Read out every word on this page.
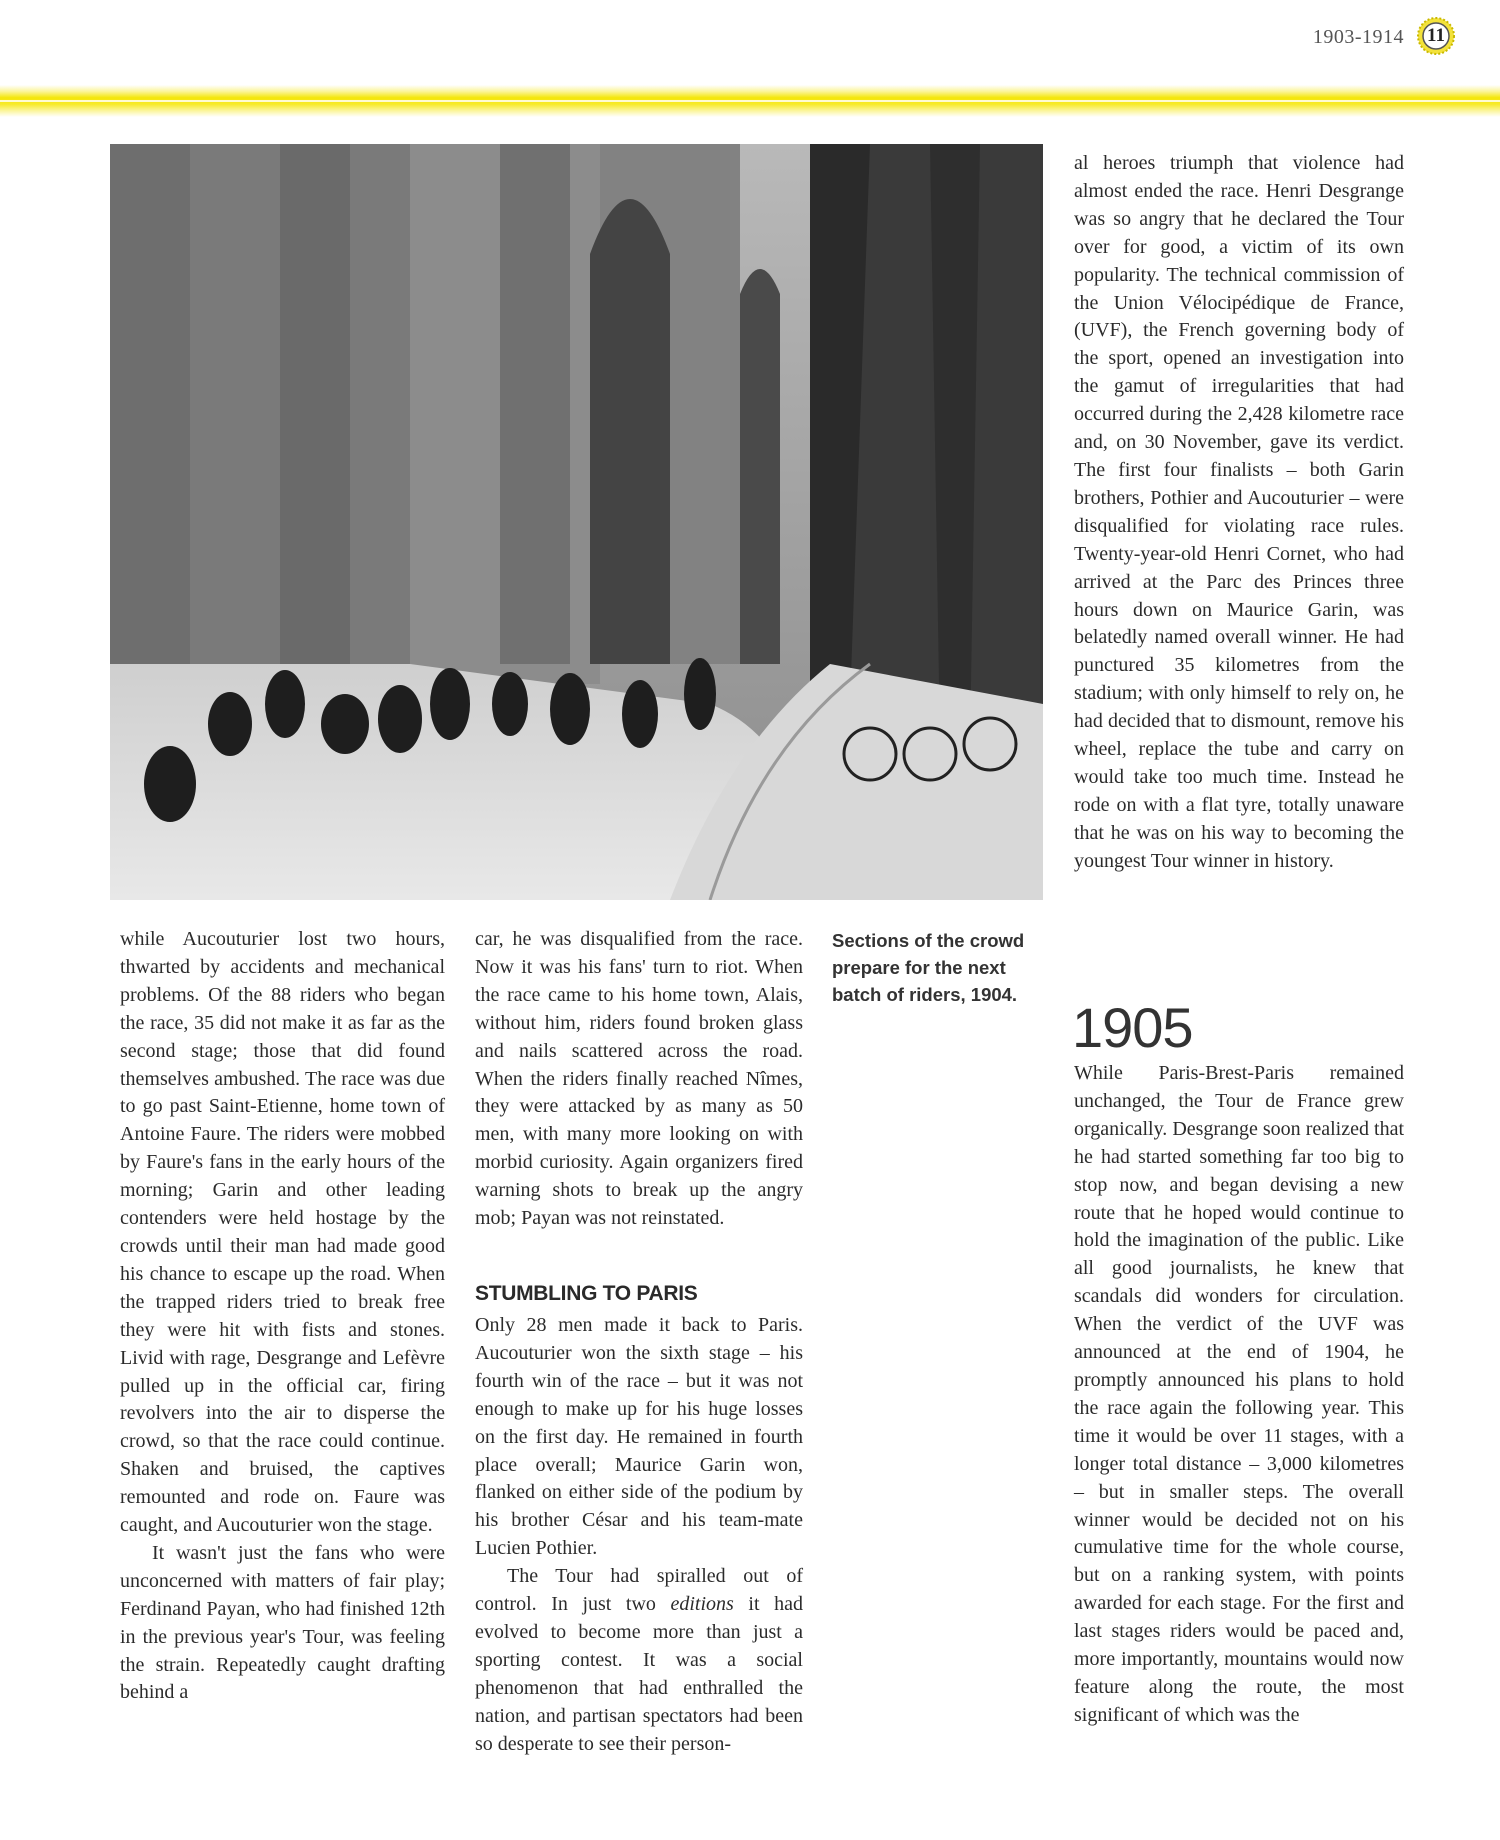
1903-1914	11

while Aucouturier lost two hours, thwarted by accidents and mechanical problems. Of the 88 riders who began the race, 35 did not make it as far as the second stage; those that did found themselves ambushed. The race was due to go past Saint-Etienne, home town of Antoine Faure. The riders were mobbed by Faure's fans in the early hours of the morning; Garin and other leading contenders were held hostage by the crowds until their man had made good his chance to escape up the road. When the trapped riders tried to break free they were hit with fists and stones. Livid with rage, Desgrange and Lefèvre pulled up in the official car, firing revolvers into the air to disperse the crowd, so that the race could continue. Shaken and bruised, the captives remounted and rode on. Faure was caught, and Aucouturier won the stage.

It wasn't just the fans who were unconcerned with matters of fair play; Ferdinand Payan, who had finished 12th in the previous year's Tour, was feeling the strain. Repeatedly caught drafting behind a

car, he was disqualified from the race. Now it was his fans' turn to riot. When the race came to his home town, Alais, without him, riders found broken glass and nails scattered across the road. When the riders finally reached Nîmes, they were attacked by as many as 50 men, with many more looking on with morbid curiosity. Again organizers fired warning shots to break up the angry mob; Payan was not reinstated.

STUMBLING TO PARIS

Only 28 men made it back to Paris. Aucouturier won the sixth stage – his fourth win of the race – but it was not enough to make up for his huge losses on the first day. He remained in fourth place overall; Maurice Garin won, flanked on either side of the podium by his brother César and his team-mate Lucien Pothier.

The Tour had spiralled out of control. In just two editions it had evolved to become more than just a sporting contest. It was a social phenomenon that had enthralled the nation, and partisan spectators had been so desperate to see their person-

Sections of the crowd prepare for the next batch of riders, 1904.

al heroes triumph that violence had almost ended the race. Henri Desgrange was so angry that he declared the Tour over for good, a victim of its own popularity. The technical commission of the Union Vélocipédique de France, (UVF), the French governing body of the sport, opened an investigation into the gamut of irregularities that had occurred during the 2,428 kilometre race and, on 30 November, gave its verdict. The first four finalists – both Garin brothers, Pothier and Aucouturier – were disqualified for violating race rules. Twenty-year-old Henri Cornet, who had arrived at the Parc des Princes three hours down on Maurice Garin, was belatedly named overall winner. He had punctured 35 kilometres from the stadium; with only himself to rely on, he had decided that to dismount, remove his wheel, replace the tube and carry on would take too much time. Instead he rode on with a flat tyre, totally unaware that he was on his way to becoming the youngest Tour winner in history.

1905

While Paris-Brest-Paris remained unchanged, the Tour de France grew organically. Desgrange soon realized that he had started something far too big to stop now, and began devising a new route that he hoped would continue to hold the imagination of the public. Like all good journalists, he knew that scandals did wonders for circulation. When the verdict of the UVF was announced at the end of 1904, he promptly announced his plans to hold the race again the following year. This time it would be over 11 stages, with a longer total distance – 3,000 kilometres – but in smaller steps. The overall winner would be decided not on his cumulative time for the whole course, but on a ranking system, with points awarded for each stage. For the first and last stages riders would be paced and, more importantly, mountains would now feature along the route, the most significant of which was the
